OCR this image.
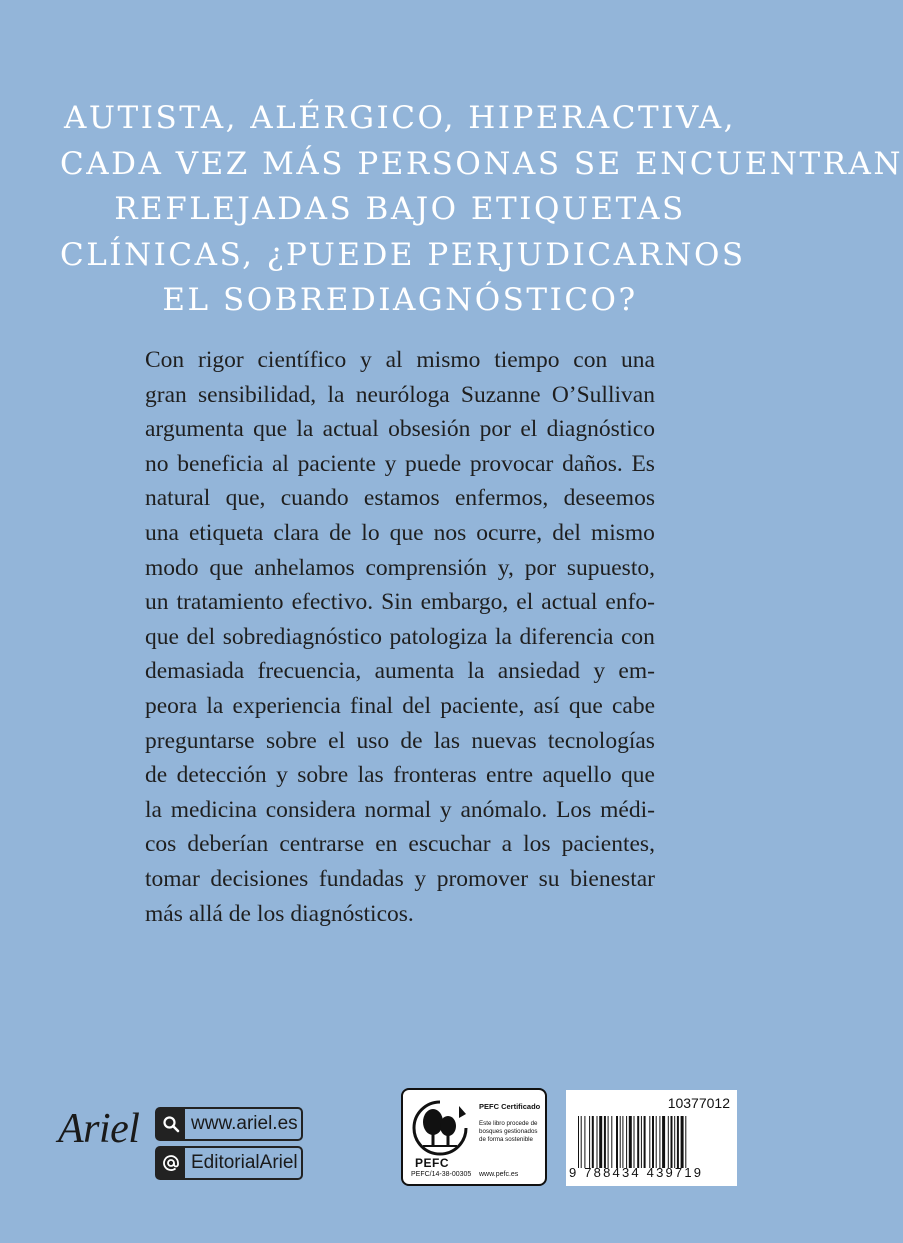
AUTISTA, ALÉRGICO, HIPERACTIVA,
CADA VEZ MÁS PERSONAS SE ENCUENTRAN
REFLEJADAS BAJO ETIQUETAS
CLÍNICAS, ¿PUEDE PERJUDICARNOS
EL SOBREDIAGNÓSTICO?
Con rigor científico y al mismo tiempo con una
gran sensibilidad, la neuróloga Suzanne O’Sullivan
argumenta que la actual obsesión por el diagnóstico
no beneficia al paciente y puede provocar daños. Es
natural que, cuando estamos enfermos, deseemos
una etiqueta clara de lo que nos ocurre, del mismo
modo que anhelamos comprensión y, por supuesto,
un tratamiento efectivo. Sin embargo, el actual enfo-
que del sobrediagnóstico patologiza la diferencia con
demasiada frecuencia, aumenta la ansiedad y em-
peora la experiencia final del paciente, así que cabe
preguntarse sobre el uso de las nuevas tecnologías
de detección y sobre las fronteras entre aquello que
la medicina considera normal y anómalo. Los médi-
cos deberían centrarse en escuchar a los pacientes,
tomar decisiones fundadas y promover su bienestar
más allá de los diagnósticos.
Ariel	www.ariel.es
EditorialAriel	PEFC
PEFC/14-38-00305
PEFC Certificado
Este libro procede de bosques gestionados de forma sostenible
www.pefc.es
10377012
9 788434 439719
